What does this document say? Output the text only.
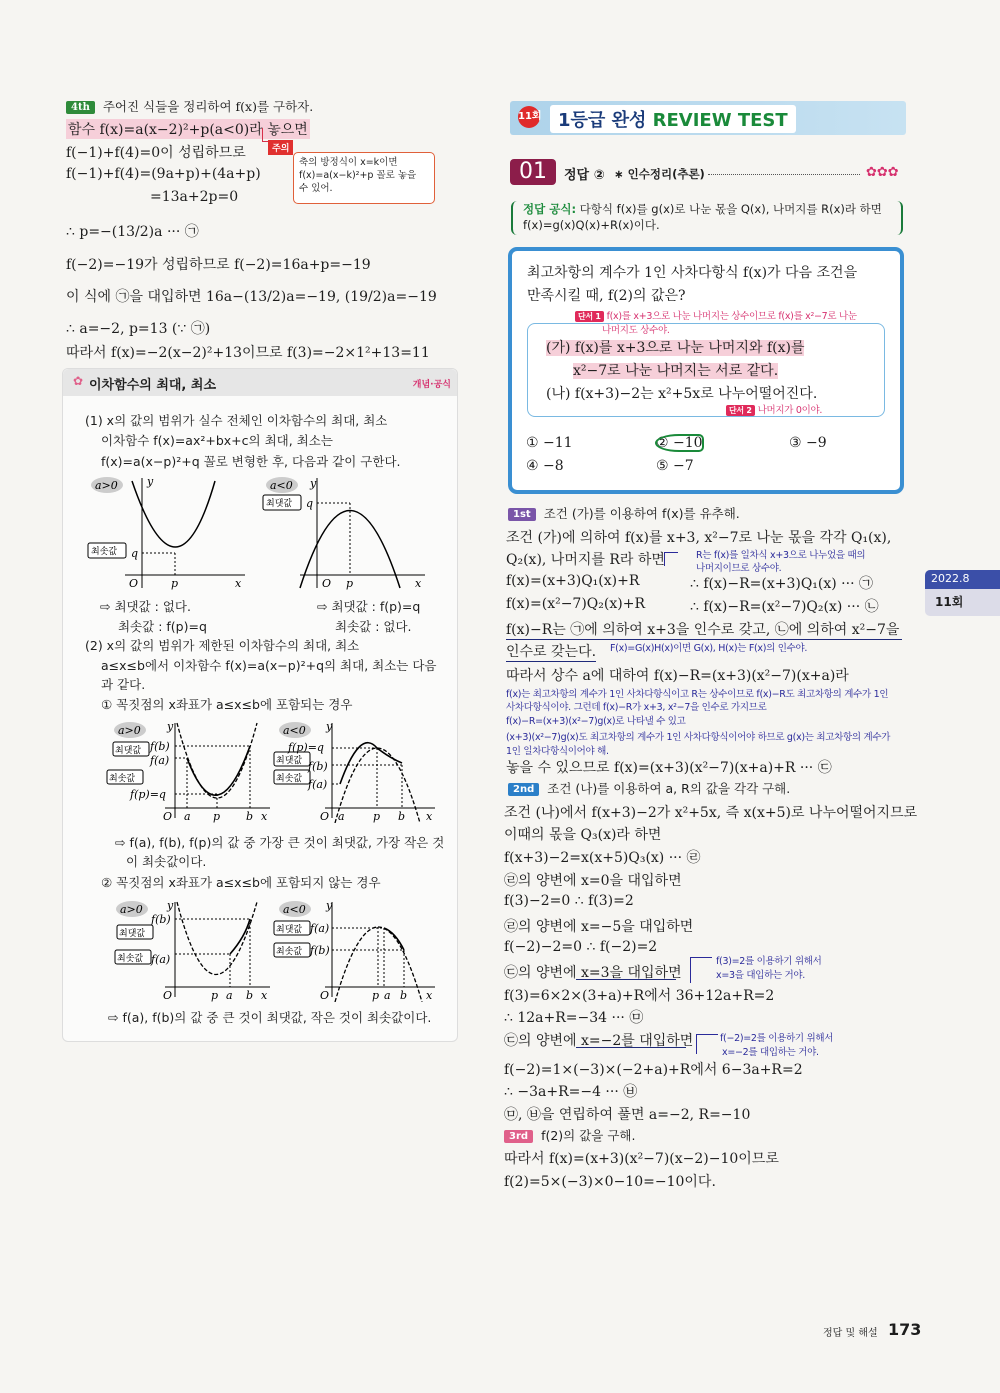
4th 주어진 식들을 정리하여 f(x)를 구하자.
함수 f(x)=a(x−2)²+p(a<0)라 놓으면
f(−1)+f(4)=0이 성립하므로
f(−1)+f(4)=(9a+p)+(4a+p)
=13a+2p=0
∴ p=−(13/2)a ··· ㉠
f(−2)=−19가 성립하므로 f(−2)=16a+p=−19
이 식에 ㉠을 대입하면 16a−(13/2)a=−19, (19/2)a=−19
∴ a=−2, p=13 (∵ ㉠)
따라서 f(x)=−2(x−2)²+13이므로 f(3)=−2×1²+13=11
주의
축의 방정식이 x=k이면
f(x)=a(x−k)²+p 꼴로 놓을
수 있어.
✿ 이차함수의 최대, 최소	개념·공식
(1) x의 값의 범위가 실수 전체인 이차함수의 최대, 최소
이차함수 f(x)=ax²+bx+c의 최대, 최소는
f(x)=a(x−p)²+q 꼴로 변형한 후, 다음과 같이 구한다.
a>0
최솟값 q
y
O	p	x
a<0
최댓값 q
y
O p	x
⇨ 최댓값 : 없다.
최솟값 : f(p)=q
⇨ 최댓값 : f(p)=q
최솟값 : 없다.
(2) x의 값의 범위가 제한된 이차함수의 최대, 최소
a≤x≤b에서 이차함수 f(x)=a(x−p)²+q의 최대, 최소는 다음
과 같다.
① 꼭짓점의 x좌표가 a≤x≤b에 포함되는 경우
a>0
최댓값
최솟값
f(b)
f(a)
f(p)=q
y
O a p b x
a<0
최댓값
최솟값
f(p)=q
f(b)
f(a)
y
O a	p b x
⇨ f(a), f(b), f(p)의 값 중 가장 큰 것이 최댓값, 가장 작은 것
이 최솟값이다.
② 꼭짓점의 x좌표가 a≤x≤b에 포함되지 않는 경우
a>0
최댓값
최솟값
f(b)
f(a)
y
O	p a b x
a<0
최댓값
최솟값
f(a)
f(b)
y
O	p a b x
⇨ f(a), f(b)의 값 중 큰 것이 최댓값, 작은 것이 최솟값이다.
11회 1등급 완성 REVIEW TEST
01	정답 ② ∗ 인수정리(추론)	✿✿✿
정답 공식: 다항식 f(x)를 g(x)로 나눈 몫을 Q(x), 나머지를 R(x)라 하면
f(x)=g(x)Q(x)+R(x)이다.
최고차항의 계수가 1인 사차다항식 f(x)가 다음 조건을
만족시킬 때, f(2)의 값은?
단서 1 f(x)를 x+3으로 나눈 나머지는 상수이므로 f(x)를 x²−7로 나눈
나머지도 상수야.
(가) f(x)를 x+3으로 나눈 나머지와 f(x)를
x²−7로 나눈 나머지는 서로 같다.
(나) f(x+3)−2는 x²+5x로 나누어떨어진다.
단서 2 나머지가 0이야.
① −11	② −10	③ −9
④ −8	⑤ −7
1st 조건 (가)를 이용하여 f(x)를 유추해.
조건 (가)에 의하여 f(x)를 x+3, x²−7로 나눈 몫을 각각 Q₁(x),
Q₂(x), 나머지를 R라 하면	R는 f(x)를 일차식 x+3으로 나누었을 때의
나머지이므로 상수야.
f(x)=(x+3)Q₁(x)+R	∴ f(x)−R=(x+3)Q₁(x) ··· ㉠
f(x)=(x²−7)Q₂(x)+R	∴ f(x)−R=(x²−7)Q₂(x) ··· ㉡
f(x)−R는 ㉠에 의하여 x+3을 인수로 갖고, ㉡에 의하여 x²−7을
인수로 갖는다. F(x)=G(x)H(x)이면 G(x), H(x)는 F(x)의 인수야.
따라서 상수 a에 대하여 f(x)−R=(x+3)(x²−7)(x+a)라
f(x)는 최고차항의 계수가 1인 사차다항식이고 R는 상수이므로 f(x)−R도 최고차항의 계수가 1인
사차다항식이야. 그런데 f(x)−R가 x+3, x²−7을 인수로 가지므로
f(x)−R=(x+3)(x²−7)g(x)로 나타낼 수 있고
(x+3)(x²−7)g(x)도 최고차항의 계수가 1인 사차다항식이어야 하므로 g(x)는 최고차항의 계수가
1인 일차다항식이어야 해.
놓을 수 있으므로 f(x)=(x+3)(x²−7)(x+a)+R ··· ㉢
2nd 조건 (나)를 이용하여 a, R의 값을 각각 구해.
조건 (나)에서 f(x+3)−2가 x²+5x, 즉 x(x+5)로 나누어떨어지므로
이때의 몫을 Q₃(x)라 하면
f(x+3)−2=x(x+5)Q₃(x) ··· ㉣
㉣의 양변에 x=0을 대입하면
f(3)−2=0 ∴ f(3)=2
㉣의 양변에 x=−5을 대입하면
f(−2)−2=0 ∴ f(−2)=2
㉢의 양변에 x=3을 대입하면
f(3)=2를 이용하기 위해서
x=3을 대입하는 거야.
f(3)=6×2×(3+a)+R에서 36+12a+R=2
∴ 12a+R=−34 ··· ㉤
㉢의 양변에 x=−2를 대입하면	f(−2)=2를 이용하기 위해서
x=−2를 대입하는 거야.
f(−2)=1×(−3)×(−2+a)+R에서 6−3a+R=2
∴ −3a+R=−4 ··· ㉥
㉤, ㉥을 연립하여 풀면 a=−2, R=−10
3rd f(2)의 값을 구해.
따라서 f(x)=(x+3)(x²−7)(x−2)−10이므로
f(2)=5×(−3)×0−10=−10이다.
2022.8
11회
정답 및 해설 173
